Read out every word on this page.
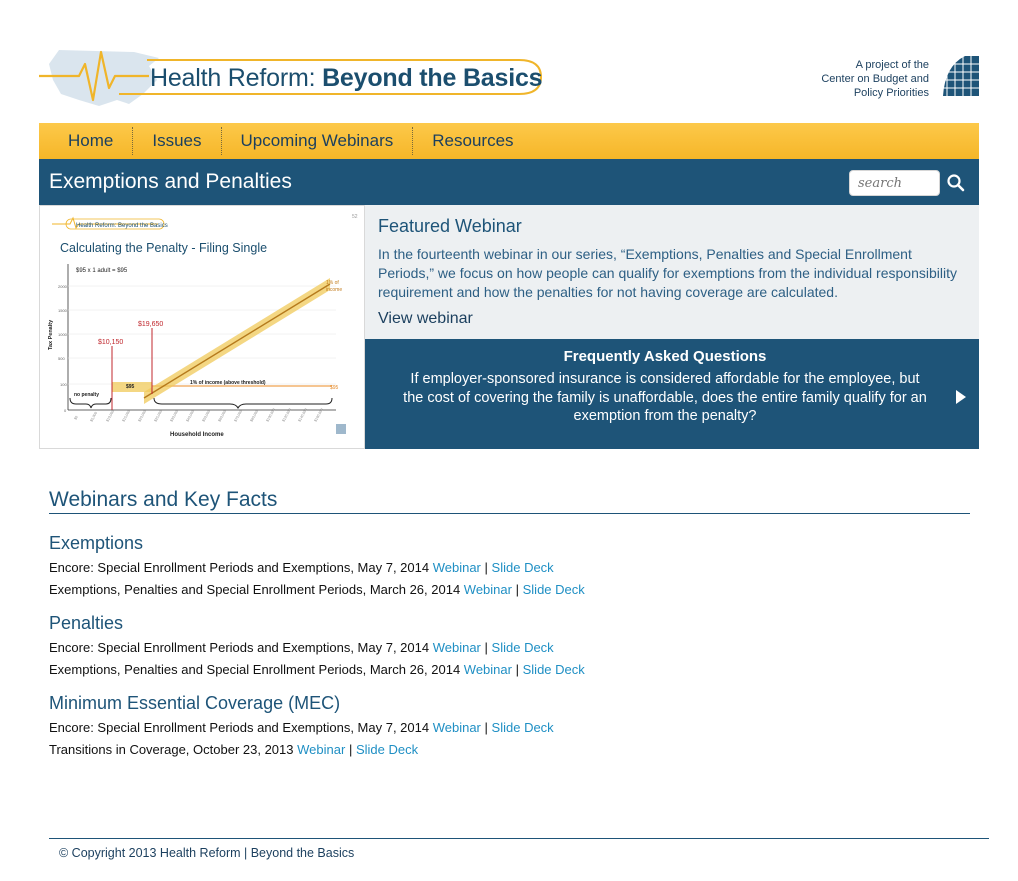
Health Reform: Beyond the Basics	A project of the
Center on Budget and
Policy Priorities
Home	Issues	Upcoming Webinars	Resources
Exemptions and Penalties
search
Health Reform: Beyond the Basics
52
Calculating the Penalty - Filing Single
2000
1500
1000
500
100
0
Tax Penalty
Household Income
$95 x 1 adult = $95
$10,150
$19,650
1% of
income
$95	$95
no penalty
1% of income (above threshold)
$0	$5,000 $10,000 $15,000 $20,000 $25,000 $30,000 $40,000 $50,000 $60,000 $70,000 $80,000 $100,000 $120,000 $140,000 $160,000
Featured Webinar
In the fourteenth webinar in our series, “Exemptions, Penalties and Special Enrollment Periods,” we focus on how people can qualify for exemptions from the individual responsibility requirement and how the penalties for not having coverage are calculated.
View webinar
Frequently Asked Questions
If employer-sponsored insurance is considered affordable for the employee, but the cost of covering the family is unaffordable, does the entire family qualify for an exemption from the penalty?
Webinars and Key Facts
Exemptions
Encore: Special Enrollment Periods and Exemptions, May 7, 2014 Webinar | Slide Deck
Exemptions, Penalties and Special Enrollment Periods, March 26, 2014 Webinar | Slide Deck
Penalties
Encore: Special Enrollment Periods and Exemptions, May 7, 2014 Webinar | Slide Deck
Exemptions, Penalties and Special Enrollment Periods, March 26, 2014 Webinar | Slide Deck
Minimum Essential Coverage (MEC)
Encore: Special Enrollment Periods and Exemptions, May 7, 2014 Webinar | Slide Deck
Transitions in Coverage, October 23, 2013 Webinar | Slide Deck
© Copyright 2013 Health Reform | Beyond the Basics
